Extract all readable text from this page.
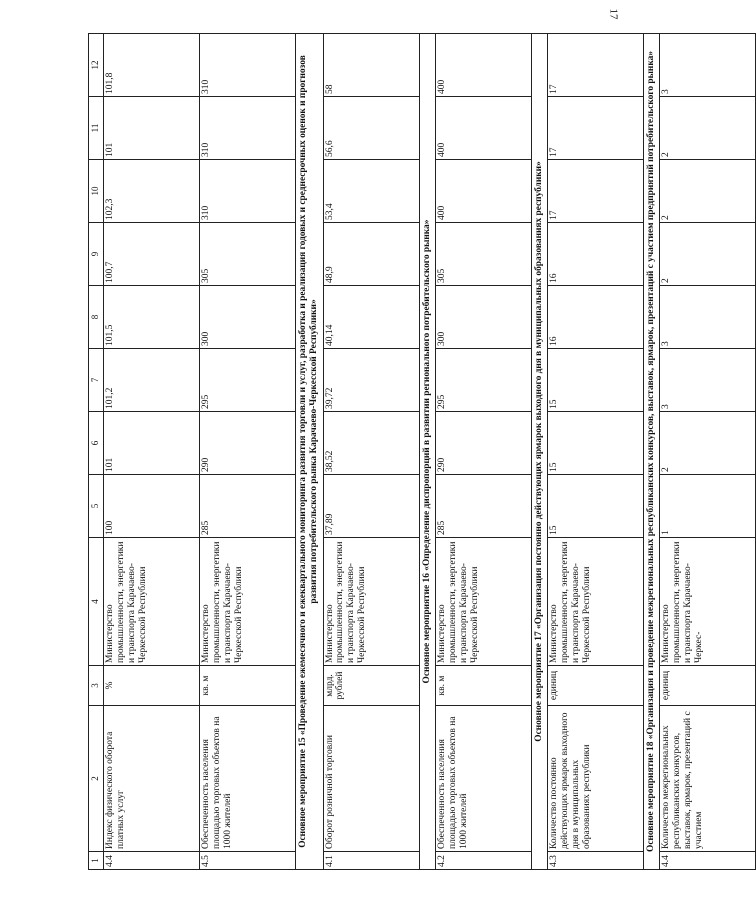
17
1	2	3	4	5	6	7	8	9	10	11	12
4.4	Индекс физического оборота платных услуг	%	Министерство промышленности, энергетики и транспорта Карачаево-Черкесской Республики	100	101	101,2	101,5	100,7	102,3	101	101,8
4.5	Обеспеченность населения площадью торговых объектов на 1000 жителей	кв. м	Министерство промышленности, энергетики и транспорта Карачаево-Черкесской Республики	285	290	295	300	305	310	310	310
Основное мероприятие 15 «Проведение ежемесячного и ежеквартального мониторинга развития торговли и услуг, разработка и реализация годовых и среднесрочных оценок и прогнозов развития потребительского рынка Карачаево-Черкесской Республики»											
4.1	Оборот розничной торговли	млрд. рублей	Министерство промышленности, энергетики и транспорта Карачаево-Черкесской Республики	37,89	38,52	39,72	40,14	48,9	53,4	56,6	58
Основное мероприятие 16 «Определение диспропорций в развитии регионального потребительского рынка»											
4.2	Обеспеченность населения площадью торговых объектов на 1000 жителей	кв. м	Министерство промышленности, энергетики и транспорта Карачаево-Черкесской Республики	285	290	295	300	305	400	400	400
Основное мероприятие 17 «Организация постоянно действующих ярмарок выходного дня в муниципальных образованиях республики»											
4.3	Количество постоянно действующих ярмарок выходного дня в муниципальных образованиях республики	единиц	Министерство промышленности, энергетики и транспорта Карачаево-Черкесской Республики	15	15	15	16	16	17	17	17
Основное мероприятие 18 «Организация и проведение межрегиональных республиканских конкурсов, выставок, ярмарок, презентаций с участием предприятий потребительского рынка»											
4.4	Количество межрегиональных республиканских конкурсов, выставок, ярмарок, презентаций с участием	единиц	Министерство промышленности, энергетики и транспорта Карачаево-Черкес-	1	2	3	3	2	2	2	3
